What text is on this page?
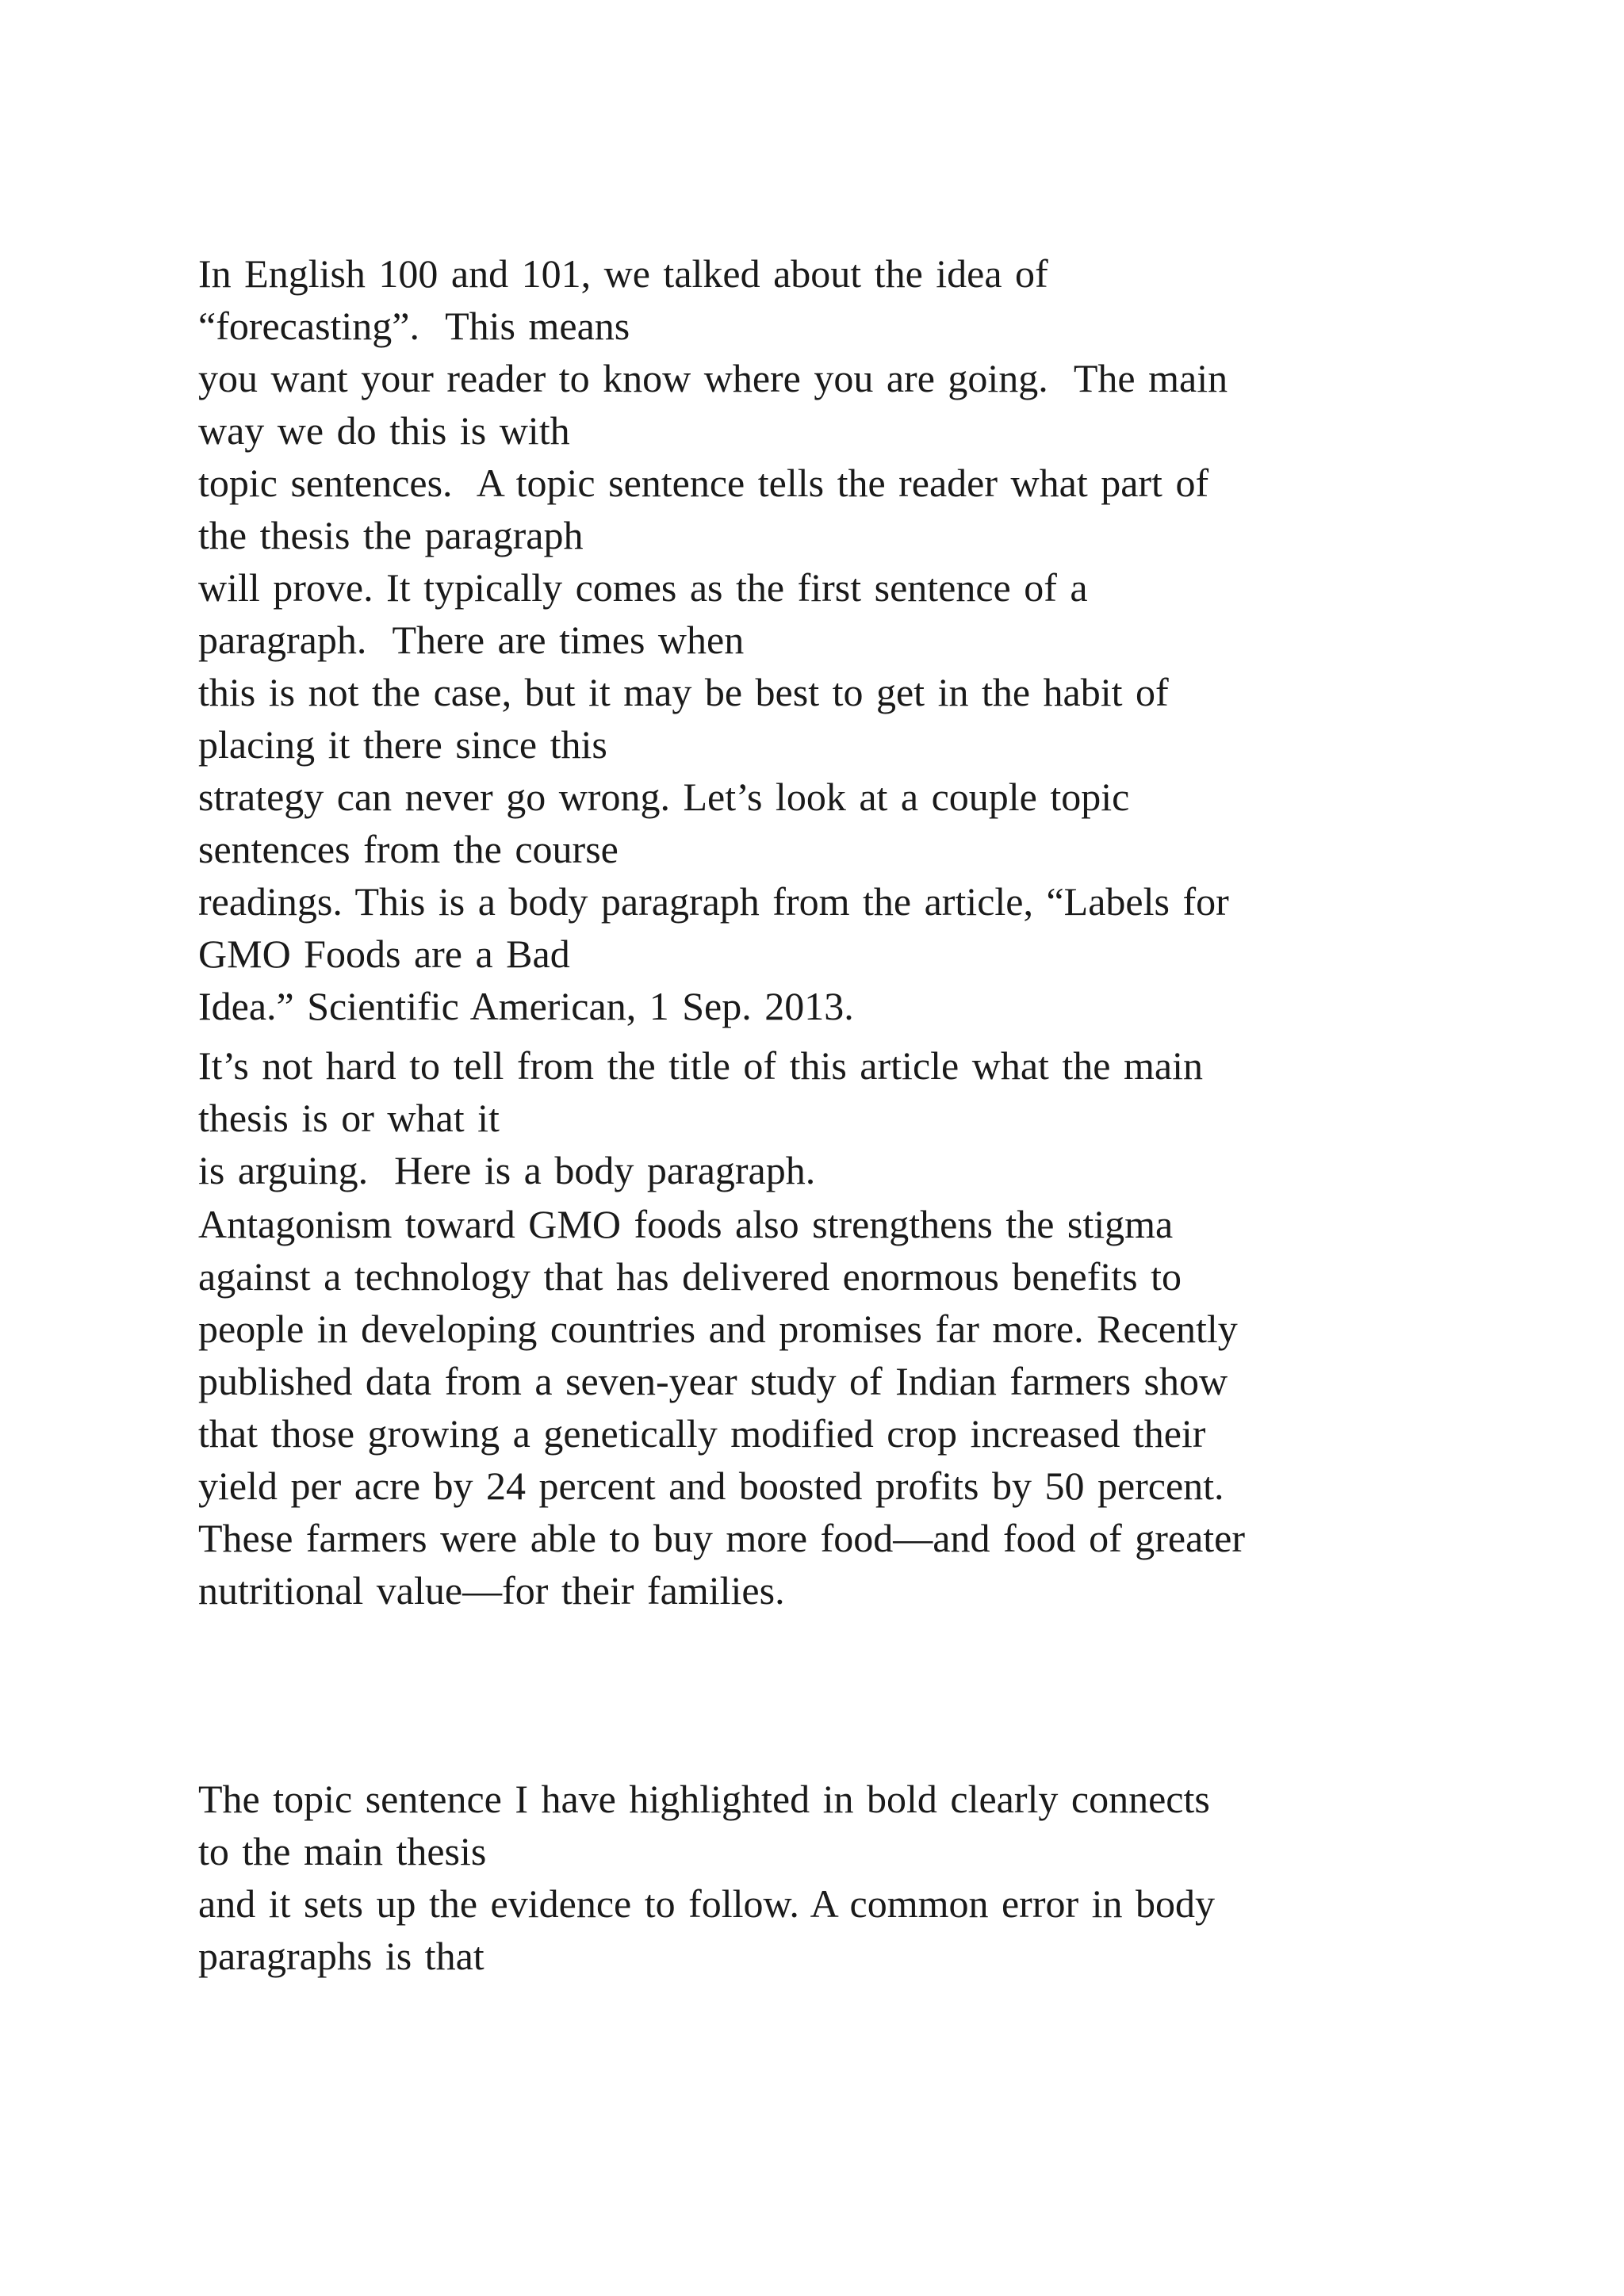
In English 100 and 101, we talked about the idea of
“forecasting”.  This means
you want your reader to know where you are going.  The main
way we do this is with
topic sentences.  A topic sentence tells the reader what part of
the thesis the paragraph
will prove. It typically comes as the first sentence of a
paragraph.  There are times when
this is not the case, but it may be best to get in the habit of
placing it there since this
strategy can never go wrong. Let’s look at a couple topic
sentences from the course
readings. This is a body paragraph from the article, “Labels for
GMO Foods are a Bad
Idea.” Scientific American, 1 Sep. 2013.
It’s not hard to tell from the title of this article what the main
thesis is or what it
is arguing.  Here is a body paragraph.
Antagonism toward GMO foods also strengthens the stigma
against a technology that has delivered enormous benefits to
people in developing countries and promises far more. Recently
published data from a seven-year study of Indian farmers show
that those growing a genetically modified crop increased their
yield per acre by 24 percent and boosted profits by 50 percent.
These farmers were able to buy more food—and food of greater
nutritional value—for their families.
The topic sentence I have highlighted in bold clearly connects
to the main thesis
and it sets up the evidence to follow. A common error in body
paragraphs is that
